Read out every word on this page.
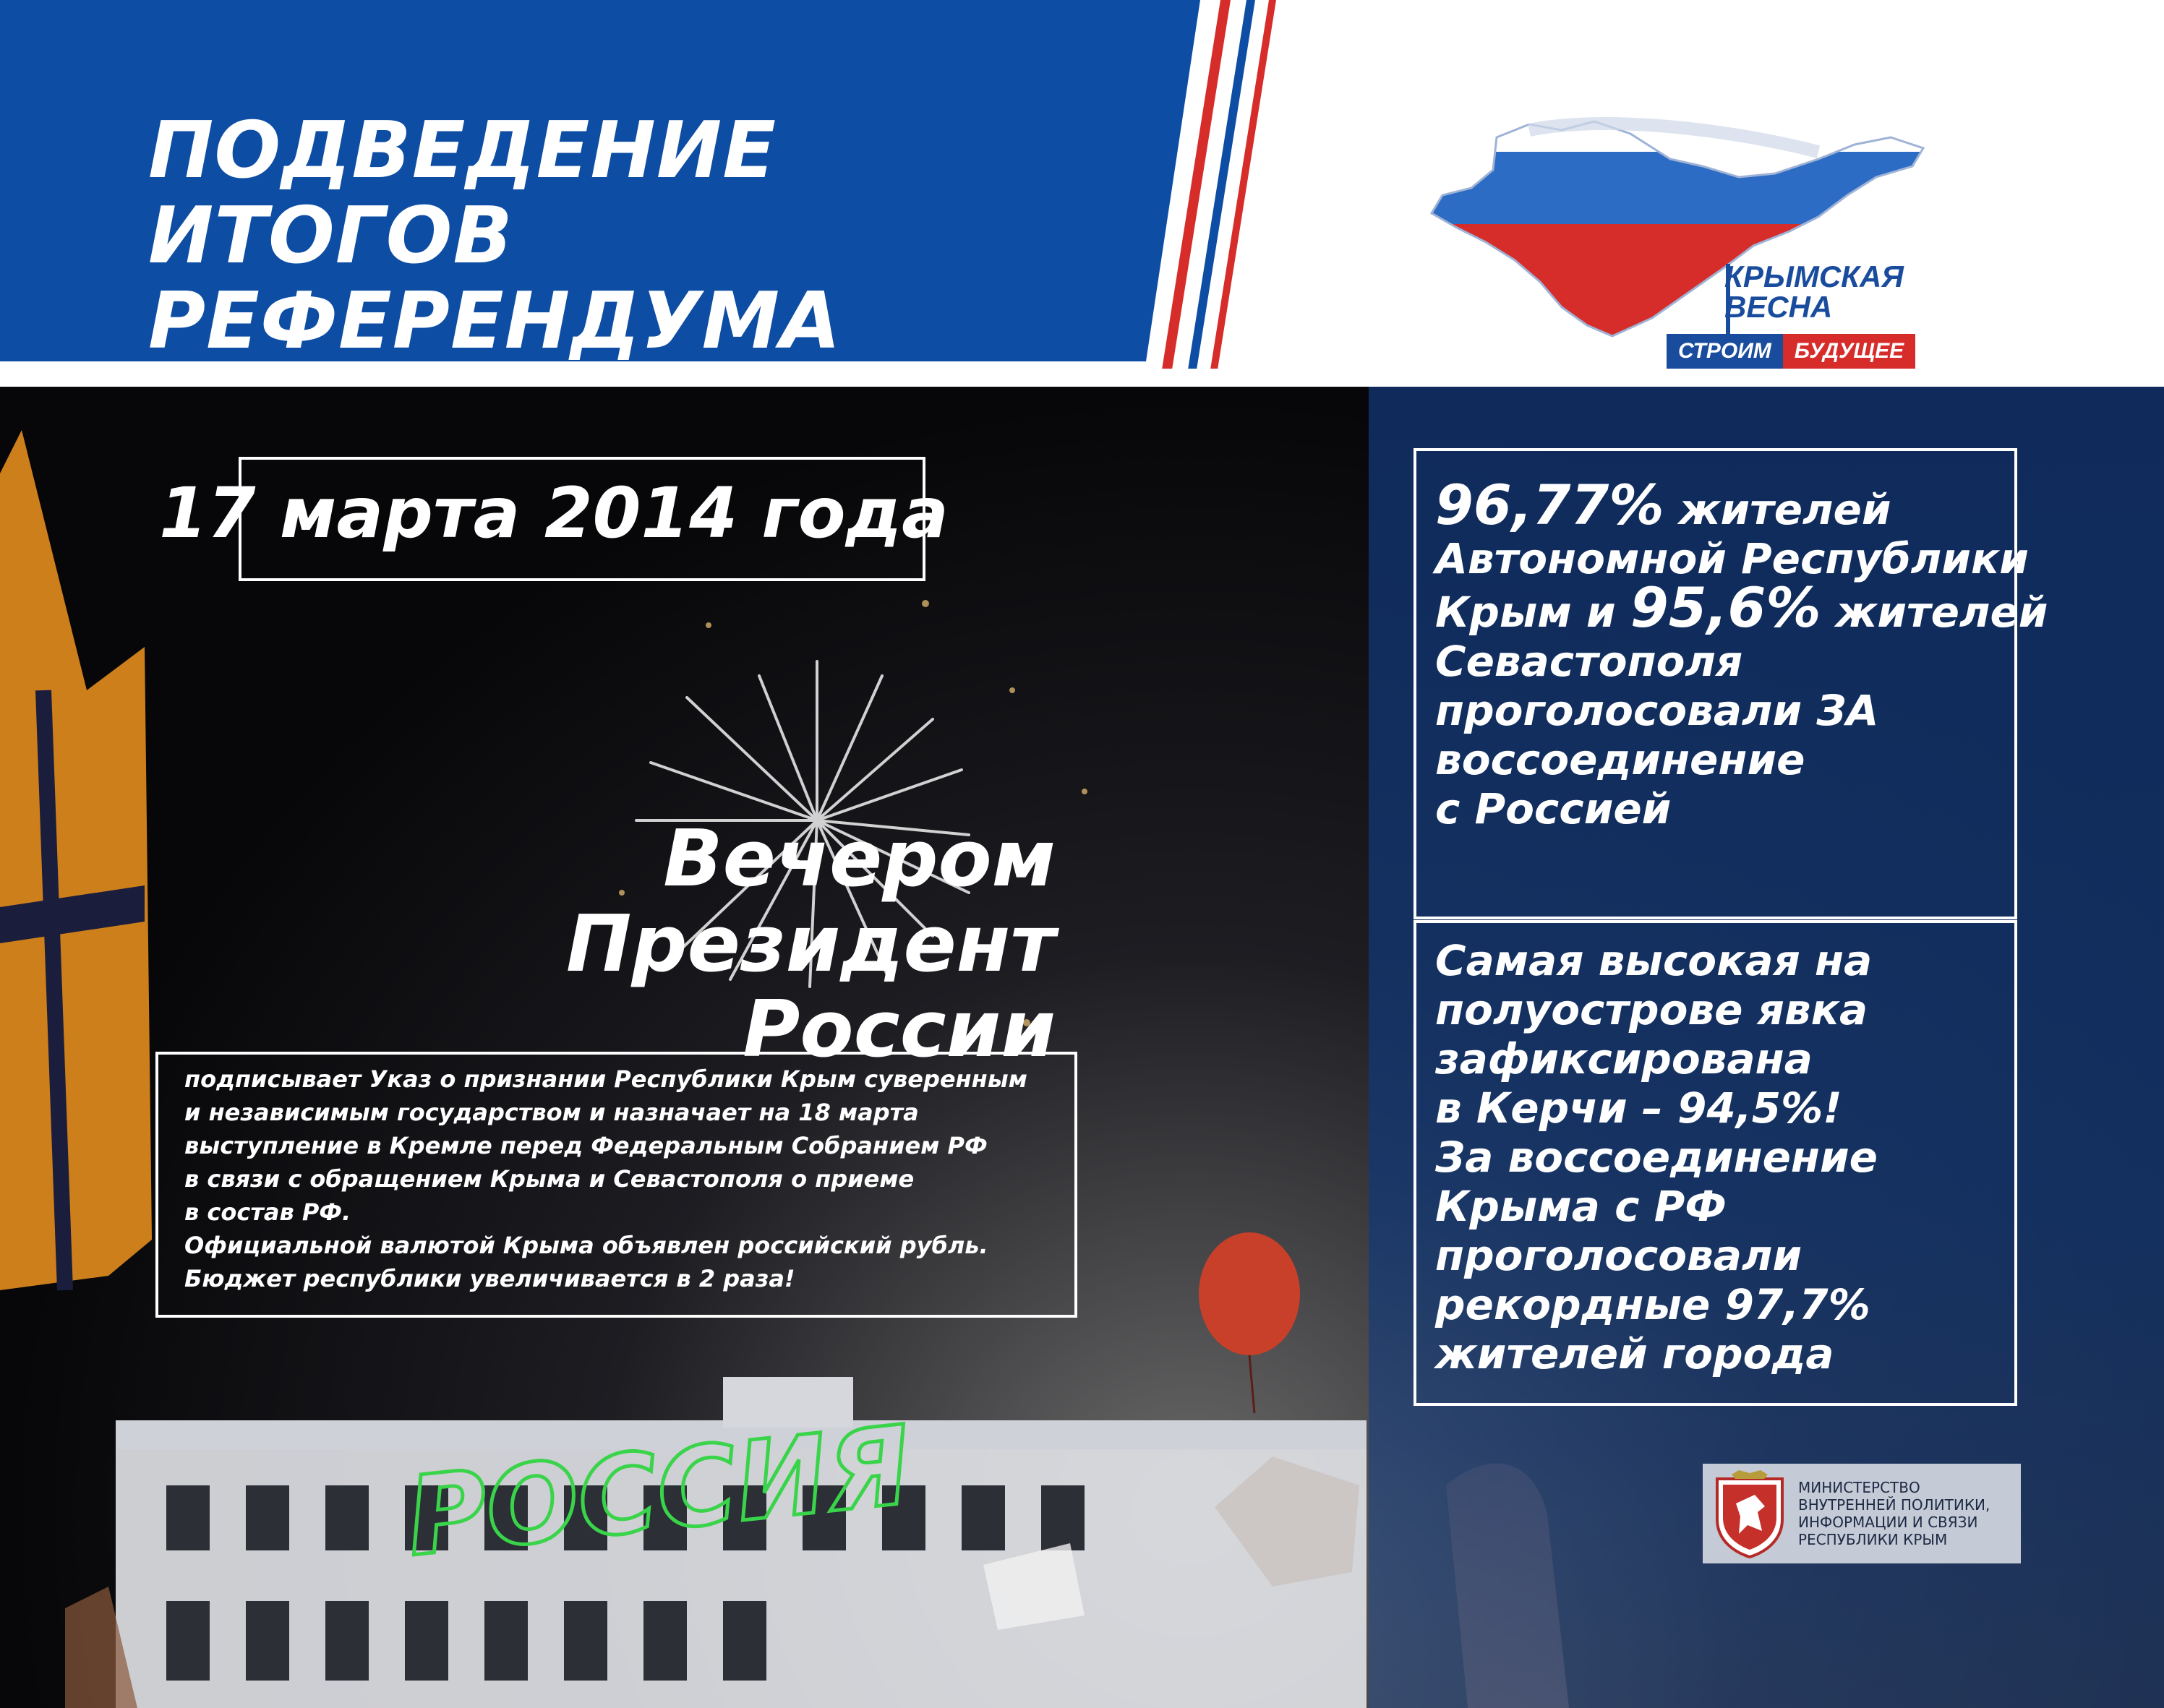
ПОДВЕДЕНИЕ
ИТОГОВ
РЕФЕРЕНДУМА	КРЫМСКАЯ
ВЕСНА
СТРОИМ	БУДУЩЕЕ
РОССИЯ

17 марта 2014 года

Вечером
Президент
России

подписывает Указ о признании Республики Крым суверенным
и независимым государством и назначает на 18 марта
выступление в Кремле перед Федеральным Собранием РФ
в связи с обращением Крыма и Севастополя о приеме
в состав РФ.
Официальной валютой Крыма объявлен российский рубль.
Бюджет республики увеличивается в 2 раза!

96,77% жителей
Автономной Республики
Крым и 95,6% жителей
Севастополя
проголосовали ЗА
воссоединение
с Россией

Самая высокая на
полуострове явка
зафиксирована
в Керчи – 94,5%!
За воссоединение
Крыма с РФ
проголосовали
рекордные 97,7%
жителей города

МИНИСТЕРСТВО
ВНУТРЕННЕЙ ПОЛИТИКИ,
ИНФОРМАЦИИ И СВЯЗИ
РЕСПУБЛИКИ КРЫМ
